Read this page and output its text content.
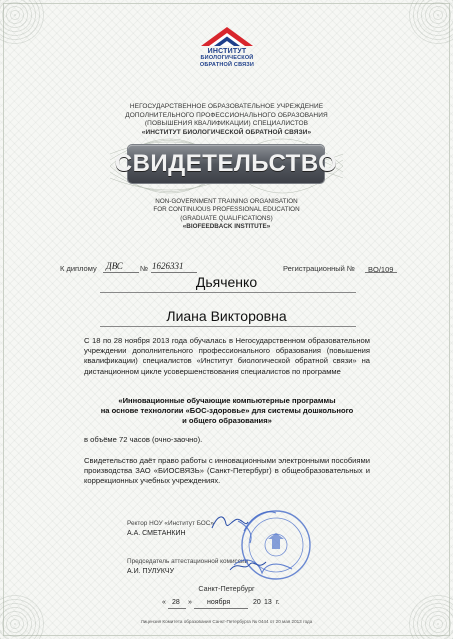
ИНСТИТУТ
БИОЛОГИЧЕСКОЙ
ОБРАТНОЙ СВЯЗИ
НЕГОСУДАРСТВЕННОЕ ОБРАЗОВАТЕЛЬНОЕ УЧРЕЖДЕНИЕ
ДОПОЛНИТЕЛЬНОГО ПРОФЕССИОНАЛЬНОГО ОБРАЗОВАНИЯ
(ПОВЫШЕНИЯ КВАЛИФИКАЦИИ) СПЕЦИАЛИСТОВ
«ИНСТИТУТ БИОЛОГИЧЕСКОЙ ОБРАТНОЙ СВЯЗИ»
СВИДЕТЕЛЬСТВО
NON-GOVERNMENT TRAINING ORGANISATION
FOR CONTINUOUS PROFESSIONAL EDUCATION
(GRADUATE QUALIFICATIONS)
«BIOFEEDBACK INSTITUTE»
К диплому ДВС № 1626331	Регистрационный № BO/109
Дьяченко
Лиана Викторовна
С 18 по 28 ноября 2013 года обучалась в Негосударственном образовательном учреждении дополнительного профессионального образования (повышения квалификации) специалистов «Институт биологической обратной связи» на дистанционном цикле усовершенствования специалистов по программе
«Инновационные обучающие компьютерные программы
на основе технологии «БОС-здоровье» для системы дошкольного
и общего образования»
в объёме 72 часов (очно-заочно).
Свидетельство даёт право работы с инновационными электронными пособиями производства ЗАО «БИОСВЯЗЬ» (Санкт-Петербург) в общеобразовательных и коррекционных учебных учреждениях.
Ректор НОУ «Институт БОС»
А.А. СМЕТАНКИН
Председатель аттестационной комиссии
А.И. ПУЛУКЧУ
Санкт-Петербург
« 28 » ноября	20 13 г.
Лицензия Комитета образования Санкт-Петербурга № 0444 от 20 мая 2013 года
